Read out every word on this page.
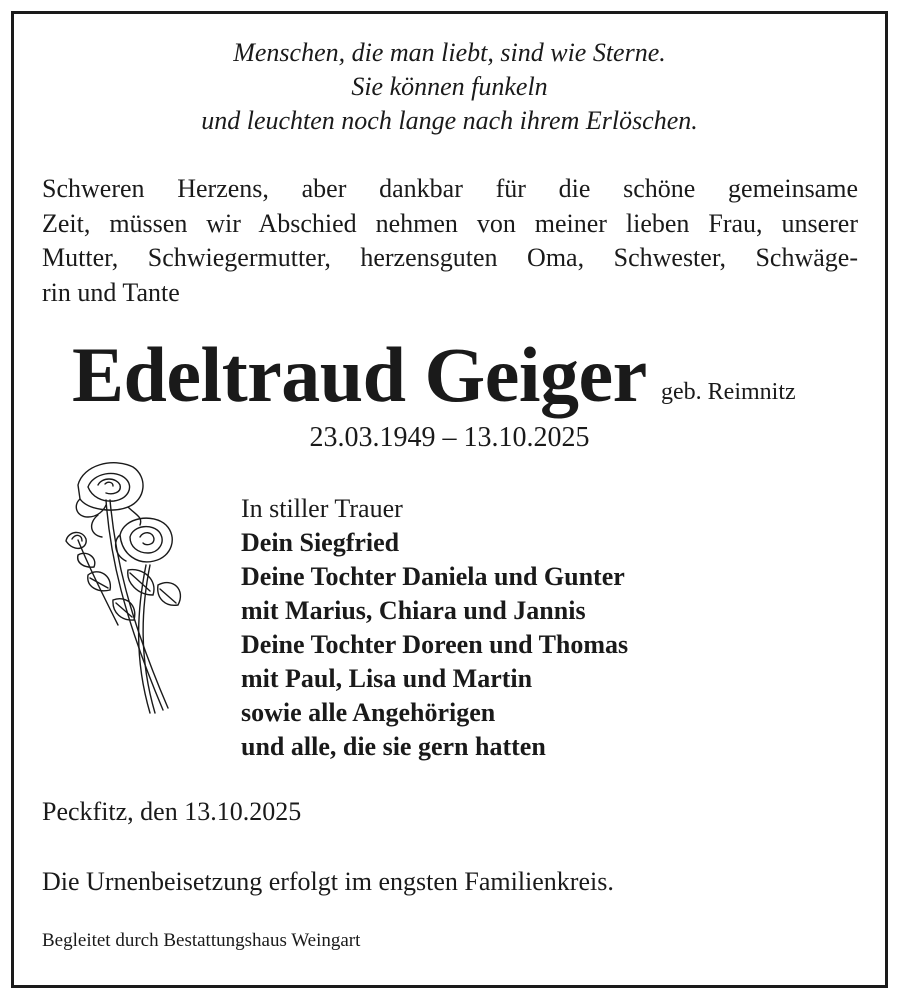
Menschen, die man liebt, sind wie Sterne.
Sie können funkeln
und leuchten noch lange nach ihrem Erlöschen.
Schweren Herzens, aber dankbar für die schöne gemeinsame
Zeit, müssen wir Abschied nehmen von meiner lieben Frau, unserer
Mutter, Schwiegermutter, herzensguten Oma, Schwester, Schwäge-
rin und Tante
Edeltraud Geiger geb. Reimnitz
23.03.1949 – 13.10.2025
In stiller Trauer
Dein Siegfried
Deine Tochter Daniela und Gunter
mit Marius, Chiara und Jannis
Deine Tochter Doreen und Thomas
mit Paul, Lisa und Martin
sowie alle Angehörigen
und alle, die sie gern hatten
Peckfitz, den 13.10.2025
Die Urnenbeisetzung erfolgt im engsten Familienkreis.
Begleitet durch Bestattungshaus Weingart
